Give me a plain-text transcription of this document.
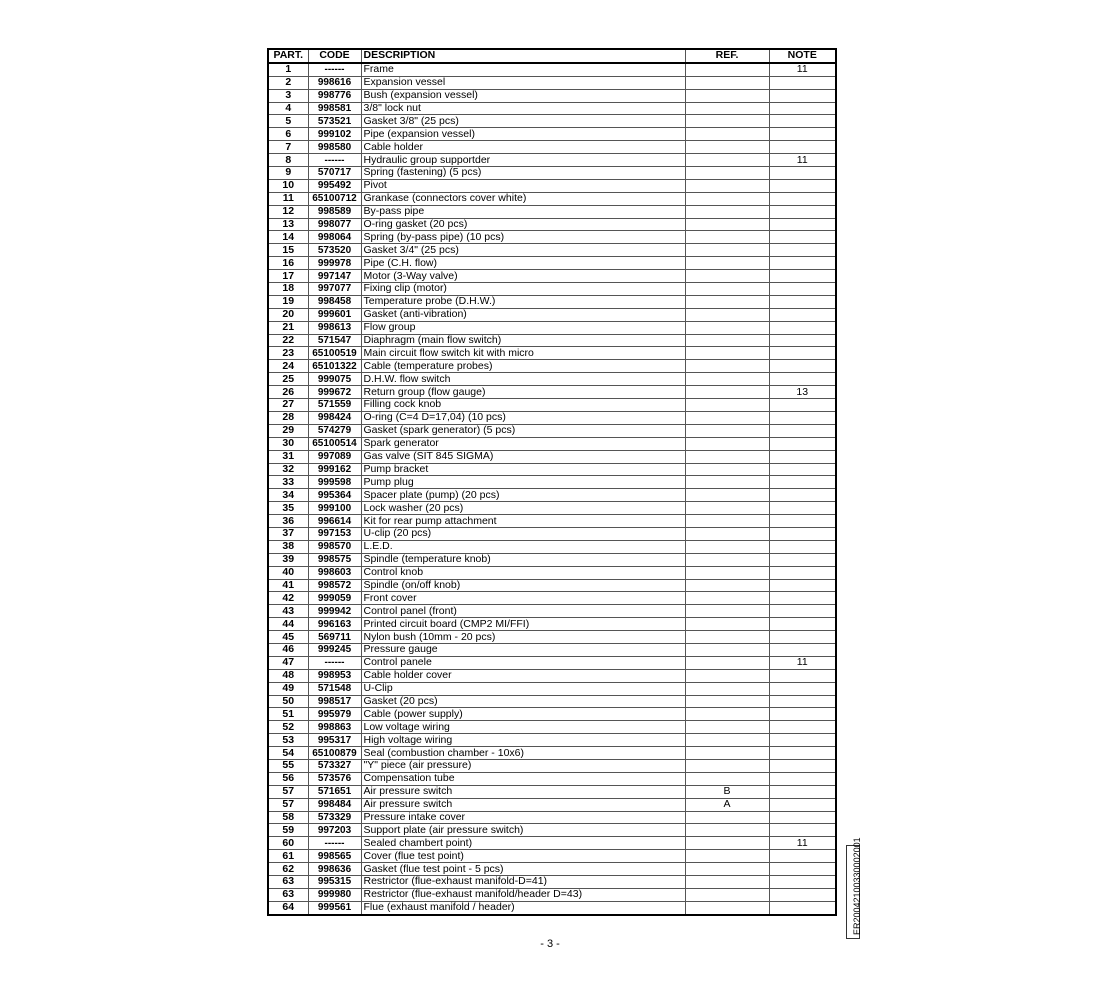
PART.	CODE	DESCRIPTION	REF.	NOTE
1	------	Frame		11
2	998616	Expansion vessel		
3	998776	Bush (expansion vessel)		
4	998581	3/8" lock nut		
5	573521	Gasket 3/8" (25 pcs)		
6	999102	Pipe (expansion vessel)		
7	998580	Cable holder		
8	------	Hydraulic group supportder		11
9	570717	Spring (fastening) (5 pcs)		
10	995492	Pivot		
11	65100712	Grankase (connectors cover white)		
12	998589	By-pass pipe		
13	998077	O-ring gasket (20 pcs)		
14	998064	Spring (by-pass pipe) (10 pcs)		
15	573520	Gasket 3/4" (25 pcs)		
16	999978	Pipe (C.H. flow)		
17	997147	Motor (3-Way valve)		
18	997077	Fixing clip (motor)		
19	998458	Temperature probe (D.H.W.)		
20	999601	Gasket (anti-vibration)		
21	998613	Flow group		
22	571547	Diaphragm (main flow switch)		
23	65100519	Main circuit flow switch kit with micro		
24	65101322	Cable (temperature probes)		
25	999075	D.H.W. flow switch		
26	999672	Return group (flow gauge)		13
27	571559	Filling cock knob		
28	998424	O-ring (C=4 D=17,04) (10 pcs)		
29	574279	Gasket (spark generator) (5 pcs)		
30	65100514	Spark generator		
31	997089	Gas valve (SIT 845 SIGMA)		
32	999162	Pump bracket		
33	999598	Pump plug		
34	995364	Spacer plate (pump) (20 pcs)		
35	999100	Lock washer (20 pcs)		
36	996614	Kit for rear pump attachment		
37	997153	U-clip (20 pcs)		
38	998570	L.E.D.		
39	998575	Spindle (temperature knob)		
40	998603	Control knob		
41	998572	Spindle (on/off knob)		
42	999059	Front cover		
43	999942	Control panel (front)		
44	996163	Printed circuit board (CMP2 MI/FFI)		
45	569711	Nylon bush (10mm - 20 pcs)		
46	999245	Pressure gauge		
47	------	Control panele		11
48	998953	Cable holder cover		
49	571548	U-Clip		
50	998517	Gasket (20 pcs)		
51	995979	Cable (power supply)		
52	998863	Low voltage wiring		
53	995317	High voltage wiring		
54	65100879	Seal (combustion chamber - 10x6)		
55	573327	"Y" piece (air pressure)		
56	573576	Compensation tube		
57	571651	Air pressure switch	B	
57	998484	Air pressure switch	A	
58	573329	Pressure intake cover		
59	997203	Support plate (air pressure switch)		
60	------	Sealed chambert point)		11
61	998565	Cover (flue test point)		
62	998636	Gasket (flue test point - 5 pcs)		
63	995315	Restrictor (flue-exhaust manifold-D=41)		
63	999980	Restrictor (flue-exhaust manifold/header D=43)		
64	999561	Flue (exhaust manifold / header)		
- 3 -
ER20042100330002001
